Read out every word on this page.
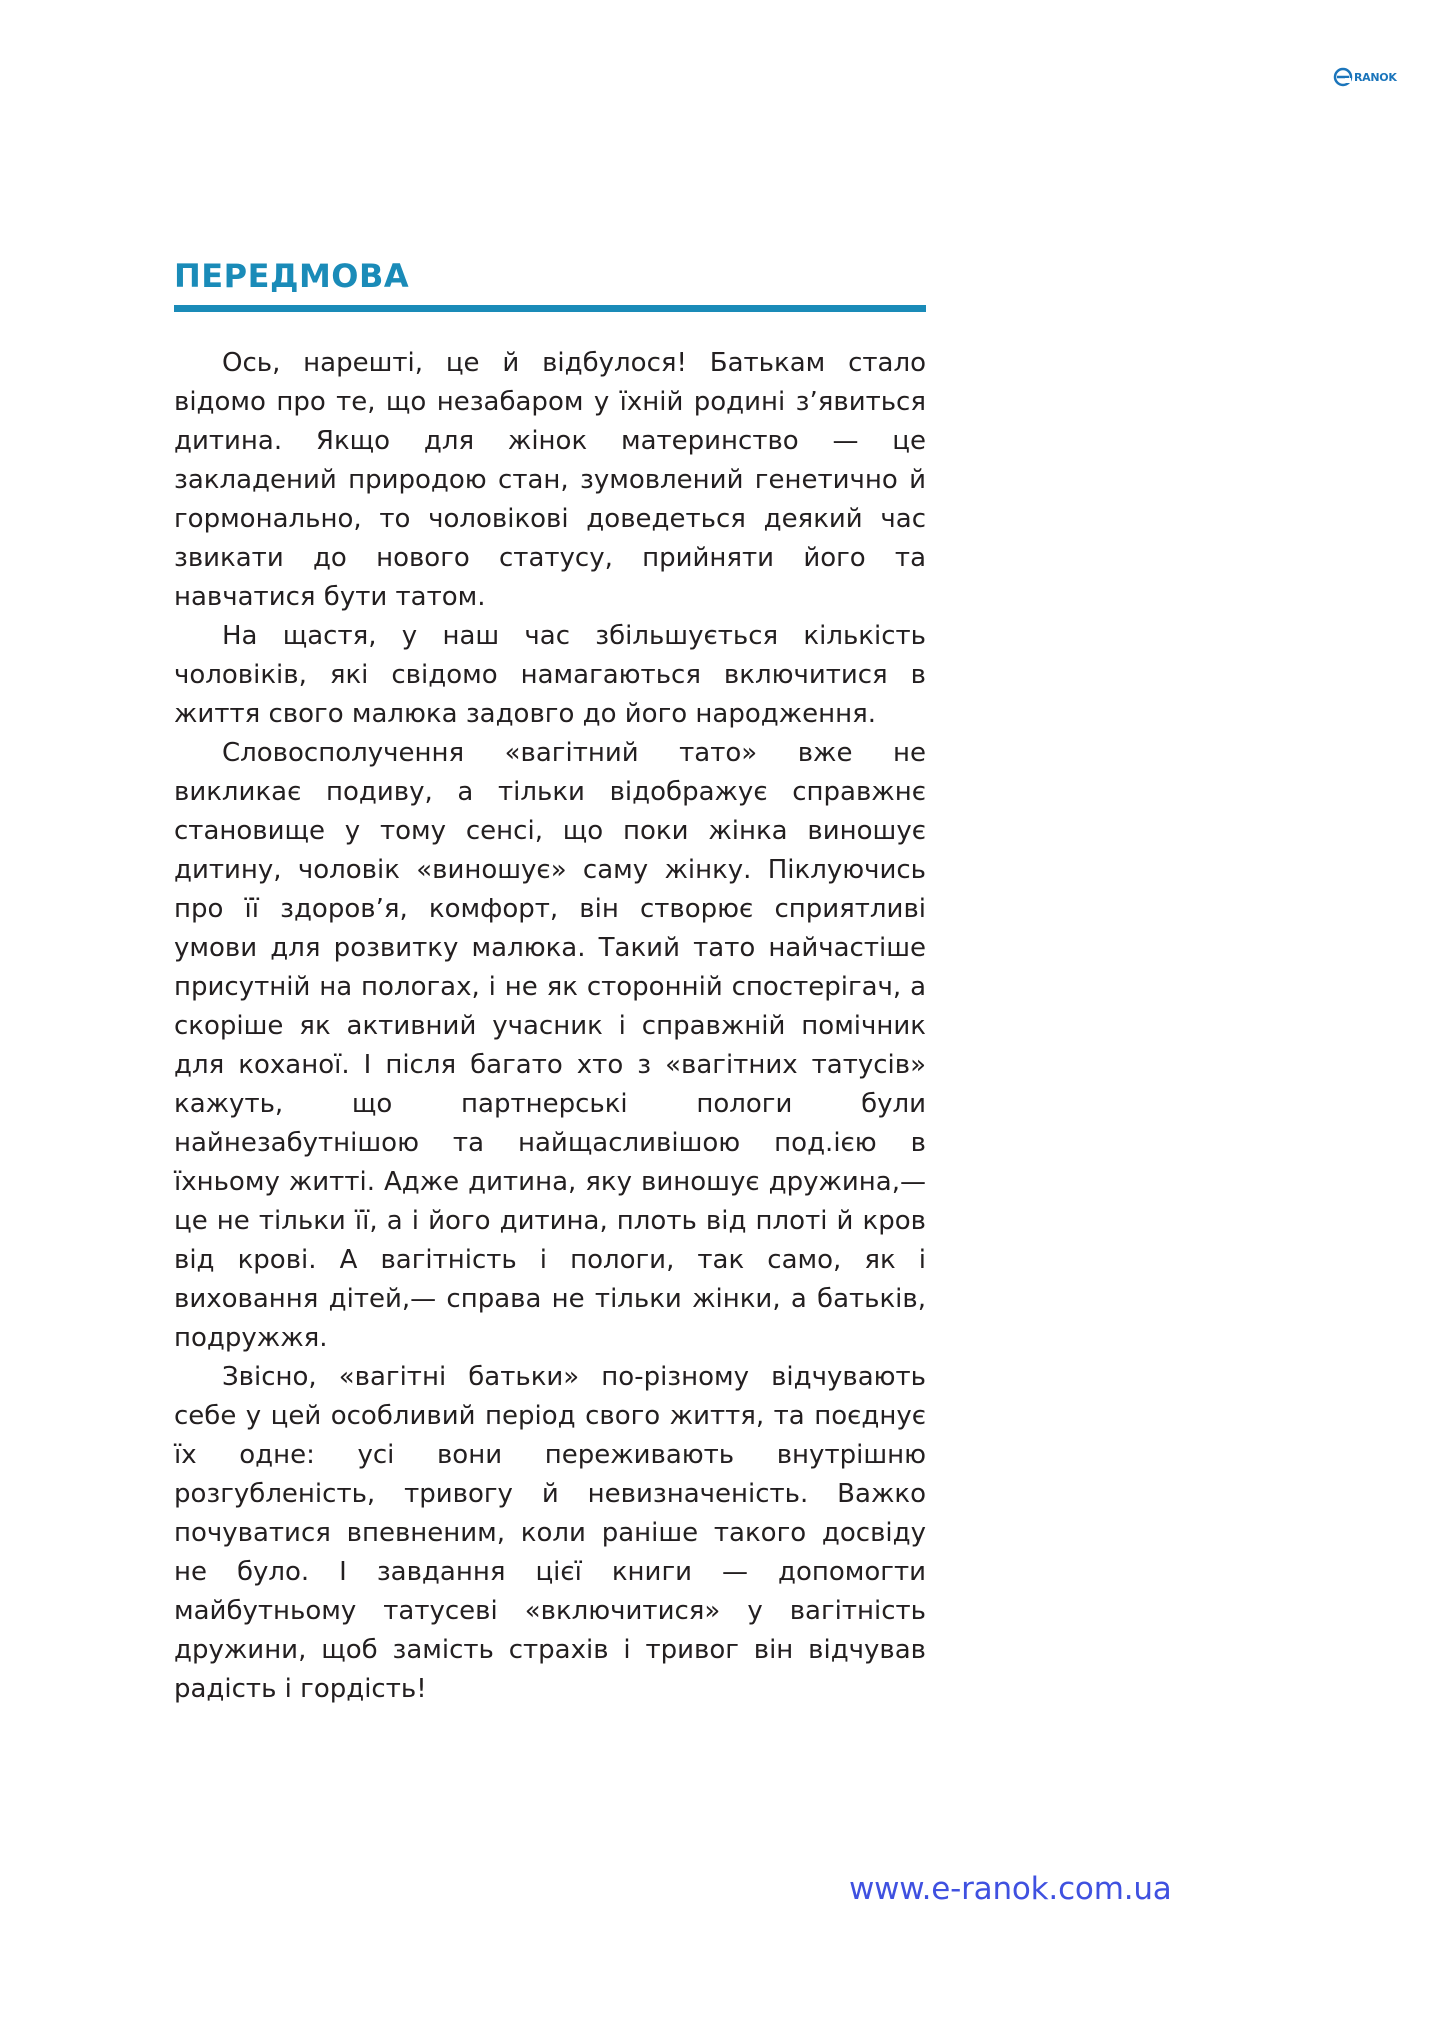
RANOK
ПЕРЕДМОВА

Ось, нарешті, це й відбулося! Батькам стало відомо про те, що незабаром у їхній родині з’явиться дитина. Якщо для жінок материнство — це закладений природою стан, зумовлений генетично й гормонально, то чоловікові доведеться деякий час звикати до нового статусу, прийняти його та навчатися бути татом.

На щастя, у наш час збільшується кількість чоловіків, які свідомо намагаються включитися в життя свого малюка задовго до його народження.

Словосполучення «вагітний тато» вже не викликає подиву, а тільки відображує справжнє становище у тому сенсі, що поки жінка виношує дитину, чоловік «виношує» саму жінку. Піклуючись про її здоров’я, комфорт, він створює сприятливі умови для розвитку малюка. Такий тато найчастіше присутній на пологах, і не як сторонній спостерігач, а скоріше як активний учасник і справжній помічник для коханої. І після багато хто з «вагітних татусів» кажуть, що партнерські пологи були найнезабутнішою та найщасливішою под.ією в їхньому житті. Адже дитина, яку виношує дружина,— це не тільки її, а і його дитина, плоть від плоті й кров від крові. А вагітність і пологи, так само, як і виховання дітей,— справа не тільки жінки, а батьків, подружжя.

Звісно, «вагітні батьки» по-різному відчувають себе у цей особливий період свого життя, та поєднує їх одне: усі вони переживають внутрішню розгубленість, тривогу й невизначеність. Важко почуватися впевненим, коли раніше такого досвіду не було. І завдання цієї книги — допомогти майбутньому татусеві «включитися» у вагітність дружини, щоб замість страхів і тривог він відчував радість і гордість!

www.e-ranok.com.ua
